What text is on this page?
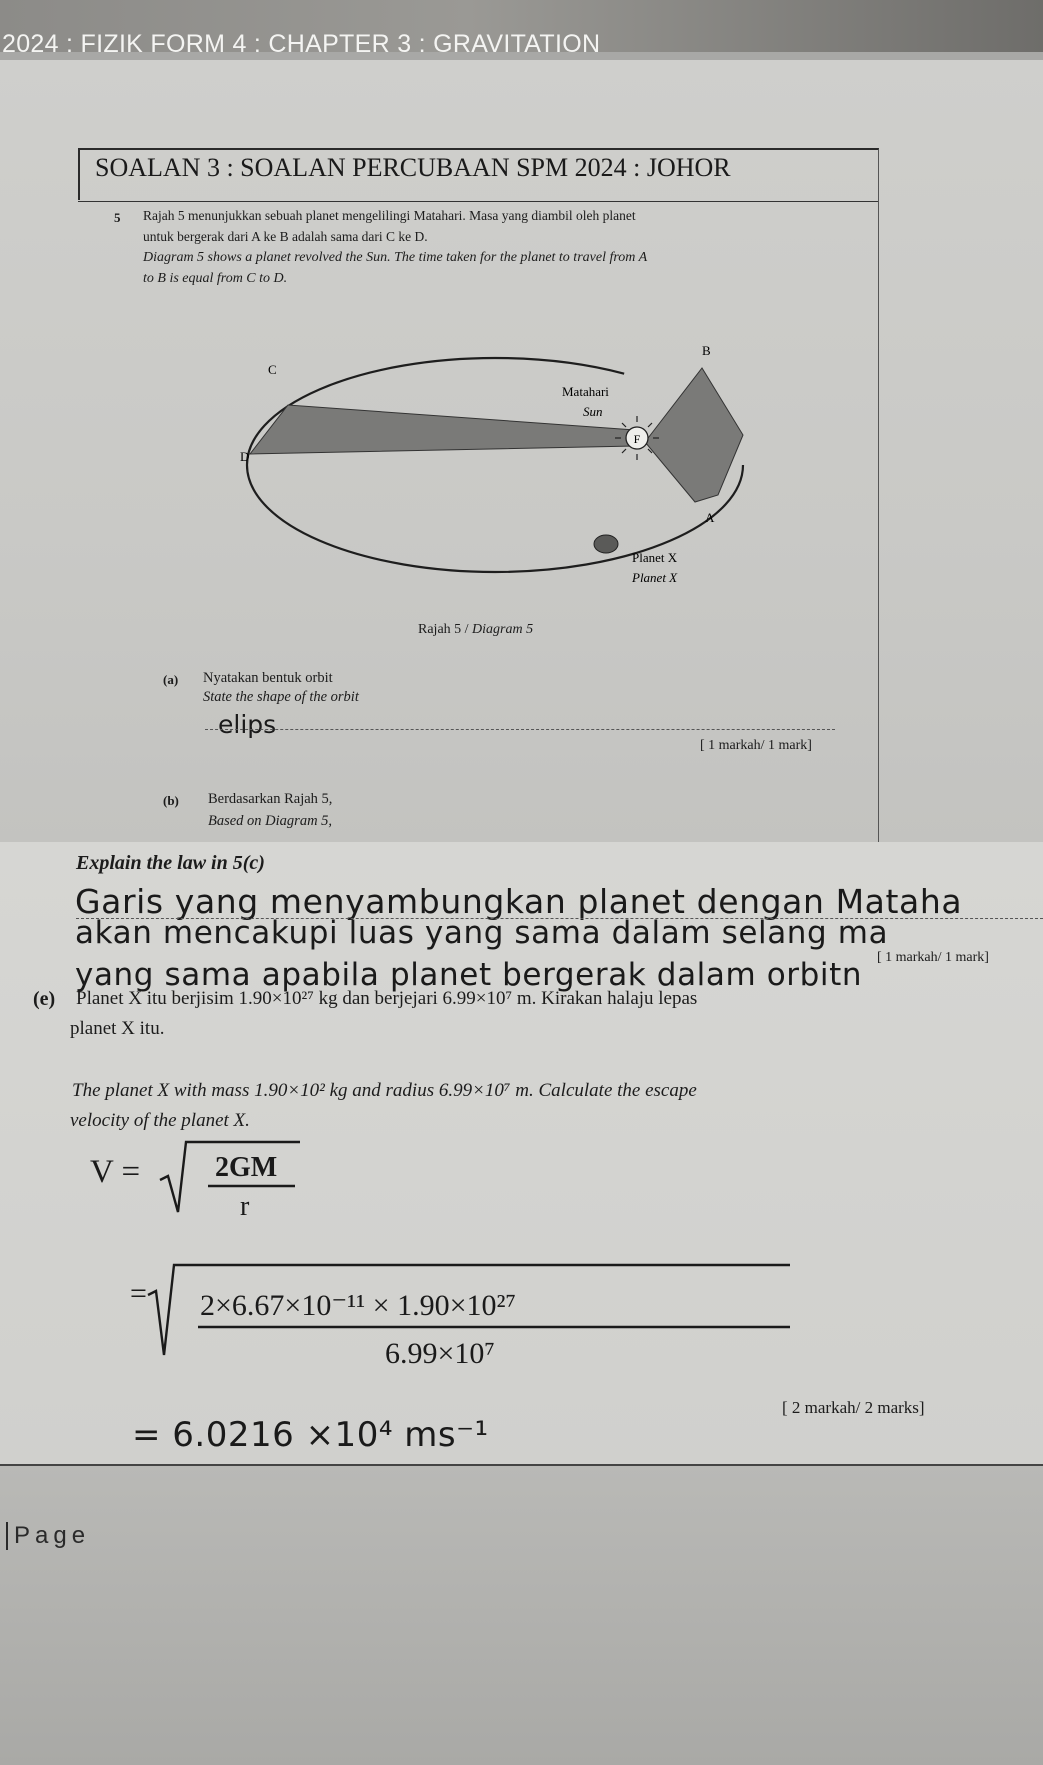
2024 : FIZIK FORM 4 : CHAPTER 3 : GRAVITATION
SOALAN 3 : SOALAN PERCUBAAN SPM 2024 : JOHOR
5 Rajah 5 menunjukkan sebuah planet mengelilingi Matahari. Masa yang diambil oleh planet
untuk bergerak dari A ke B adalah sama dari C ke D.
Diagram 5 shows a planet revolved the Sun. The time taken for the planet to travel from A
to B is equal from C to D.
F
B
C
D
A
Matahari
Sun
Planet X
Planet X
Rajah 5 / Diagram 5
(a) Nyatakan bentuk orbit
State the shape of the orbit
elips
[ 1 markah/ 1 mark]
(b) Berdasarkan Rajah 5,
Based on Diagram 5,
Explain the law in 5(c)
Garis yang menyambungkan planet dengan Mataha
akan mencakupi luas yang sama dalam selang ma
[ 1 markah/ 1 mark]
yang sama apabila planet bergerak dalam orbitn
(e) Planet X itu berjisim 1.90×10²⁷ kg dan berjejari 6.99×10⁷ m. Kirakan halaju lepas
planet X itu.
The planet X with mass 1.90×10² kg and radius 6.99×10⁷ m. Calculate the escape
velocity of the planet X.
V =	2GM
r
= 2×6.67×10⁻¹¹ × 1.90×10²⁷
6.99×10⁷
[ 2 markah/ 2 marks]
= 6.0216 ×10⁴ ms⁻¹
Page
